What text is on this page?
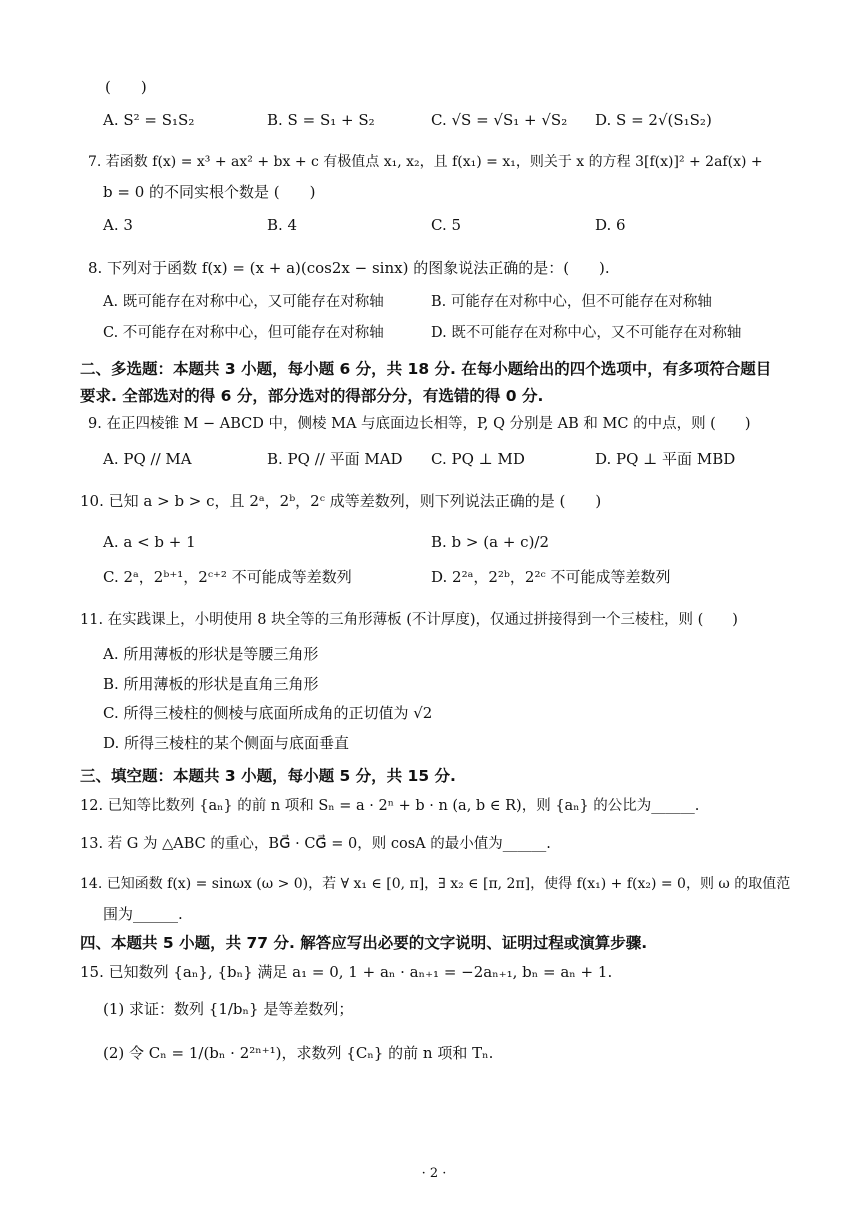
(　　)
A. S² = S₁S₂	B. S = S₁ + S₂	C. √S = √S₁ + √S₂ D. S = 2√(S₁S₂)
7. 若函数 f(x) = x³ + ax² + bx + c 有极值点 x₁, x₂，且 f(x₁) = x₁，则关于 x 的方程 3[f(x)]² + 2af(x) +
b = 0 的不同实根个数是 (　　)
A. 3	B. 4	C. 5	D. 6
8. 下列对于函数 f(x) = (x + a)(cos2x − sinx) 的图象说法正确的是：(　　).
A. 既可能存在对称中心，又可能存在对称轴	B. 可能存在对称中心，但不可能存在对称轴
C. 不可能存在对称中心，但可能存在对称轴	D. 既不可能存在对称中心，又不可能存在对称轴
二、多选题：本题共 3 小题，每小题 6 分，共 18 分. 在每小题给出的四个选项中，有多项符合题目
要求. 全部选对的得 6 分，部分选对的得部分分，有选错的得 0 分.
9. 在正四棱锥 M − ABCD 中，侧棱 MA 与底面边长相等，P, Q 分别是 AB 和 MC 的中点，则 (　　)
A. PQ // MA	B. PQ // 平面 MAD C. PQ ⊥ MD	D. PQ ⊥ 平面 MBD
10. 已知 a > b > c，且 2ᵃ，2ᵇ，2ᶜ 成等差数列，则下列说法正确的是 (　　)
A. a < b + 1	B. b > (a + c)/2
C. 2ᵃ，2ᵇ⁺¹，2ᶜ⁺² 不可能成等差数列	D. 2²ᵃ，2²ᵇ，2²ᶜ 不可能成等差数列
11. 在实践课上，小明使用 8 块全等的三角形薄板 (不计厚度)，仅通过拼接得到一个三棱柱，则 (　　)
A. 所用薄板的形状是等腰三角形
B. 所用薄板的形状是直角三角形
C. 所得三棱柱的侧棱与底面所成角的正切值为 √2
D. 所得三棱柱的某个侧面与底面垂直
三、填空题：本题共 3 小题，每小题 5 分，共 15 分.
12. 已知等比数列 {aₙ} 的前 n 项和 Sₙ = a · 2ⁿ + b · n (a, b ∈ R)，则 {aₙ} 的公比为______.
13. 若 G 为 △ABC 的重心，BG⃗ · CG⃗ = 0，则 cosA 的最小值为______.
14. 已知函数 f(x) = sinωx (ω > 0)，若 ∀ x₁ ∈ [0, π]，∃ x₂ ∈ [π, 2π]，使得 f(x₁) + f(x₂) = 0，则 ω 的取值范
围为______.
四、本题共 5 小题，共 77 分. 解答应写出必要的文字说明、证明过程或演算步骤.
15. 已知数列 {aₙ}, {bₙ} 满足 a₁ = 0, 1 + aₙ · aₙ₊₁ = −2aₙ₊₁, bₙ = aₙ + 1.
(1) 求证：数列 {1/bₙ} 是等差数列；
(2) 令 Cₙ = 1/(bₙ · 2²ⁿ⁺¹)，求数列 {Cₙ} 的前 n 项和 Tₙ.
· 2 ·
